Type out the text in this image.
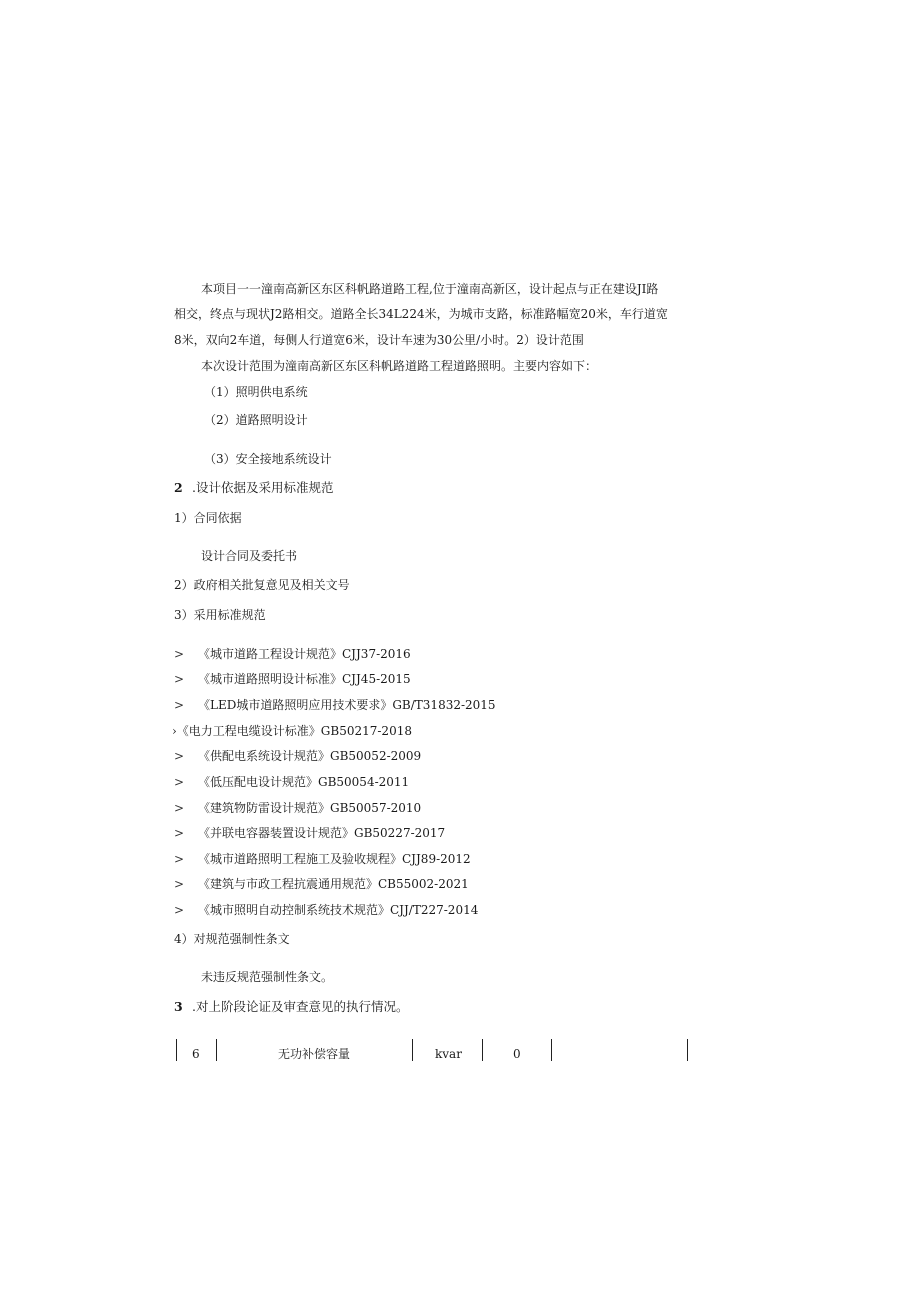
本项目一一潼南高新区东区科帆路道路工程,位于潼南高新区，设计起点与正在建设JI路
相交，终点与现状J2路相交。道路全长34L224米，为城市支路，标准路幅宽20米，车行道宽
8米，双向2车道，每侧人行道宽6米，设计车速为30公里/小时。2）设计范围
本次设计范围为潼南高新区东区科帆路道路工程道路照明。主要内容如下：
（1）照明供电系统
（2）道路照明设计
（3）安全接地系统设计
2 .设计依据及采用标准规范
1）合同依据
设计合同及委托书
2）政府相关批复意见及相关文号
3）采用标准规范
> 《城市道路工程设计规范》CJJ37-2016
> 《城市道路照明设计标准》CJJ45-2015
> 《LED城市道路照明应用技术要求》GB/T31832-2015
›《电力工程电缆设计标准》GB50217-2018
> 《供配电系统设计规范》GB50052-2009
> 《低压配电设计规范》GB50054-2011
> 《建筑物防雷设计规范》GB50057-2010
> 《并联电容器装置设计规范》GB50227-2017
> 《城市道路照明工程施工及验收规程》CJJ89-2012
> 《建筑与市政工程抗震通用规范》CB55002-2021
> 《城市照明自动控制系统技术规范》CJJ/T227-2014
4）对规范强制性条文
未违反规范强制性条文。
3 .对上阶段论证及审查意见的执行情况。
6	无功补偿容量	kvar	0
